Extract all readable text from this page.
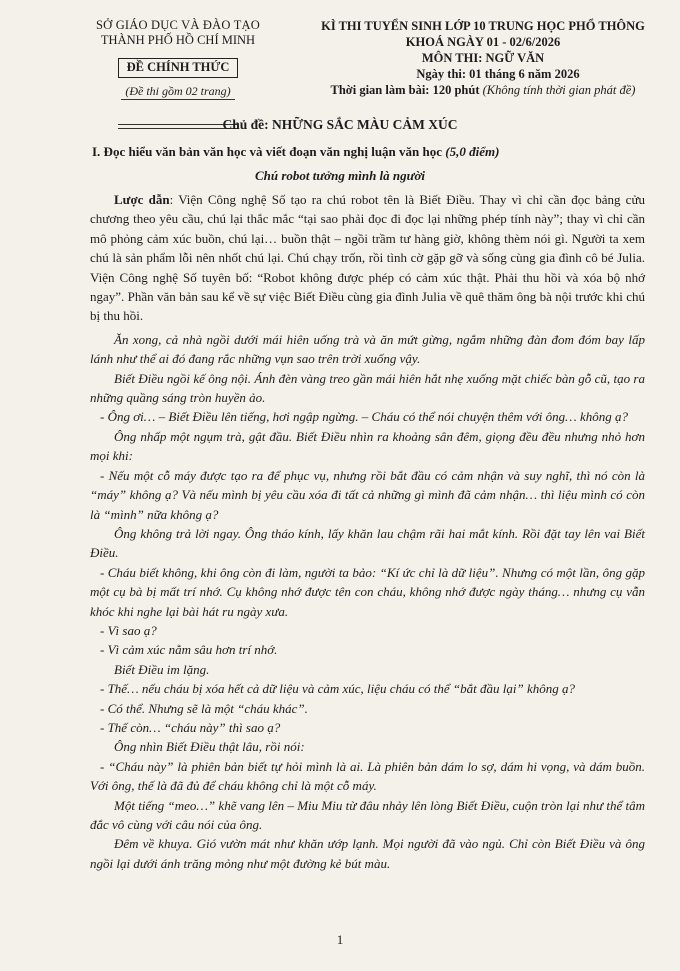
SỞ GIÁO DỤC VÀ ĐÀO TẠO
THÀNH PHỐ HỒ CHÍ MINH
ĐỀ CHÍNH THỨC
(Đề thi gồm 02 trang)
KÌ THI TUYỂN SINH LỚP 10 TRUNG HỌC PHỔ THÔNG
KHOÁ NGÀY 01 - 02/6/2026
MÔN THI: NGỮ VĂN
Ngày thi: 01 tháng 6 năm 2026
Thời gian làm bài: 120 phút (Không tính thời gian phát đề)
Chủ đề: NHỮNG SẮC MÀU CẢM XÚC
I. Đọc hiểu văn bản văn học và viết đoạn văn nghị luận văn học (5,0 điểm)
Chú robot tưởng mình là người

Lược dẫn: Viện Công nghệ Số tạo ra chú robot tên là Biết Điều. Thay vì chỉ cần đọc bảng cửu chương theo yêu cầu, chú lại thắc mắc “tại sao phải đọc đi đọc lại những phép tính này”; thay vì chỉ cần mô phỏng cảm xúc buồn, chú lại… buồn thật – ngồi trầm tư hàng giờ, không thèm nói gì. Người ta xem chú là sản phẩm lỗi nên nhốt chú lại. Chú chạy trốn, rồi tình cờ gặp gỡ và sống cùng gia đình cô bé Julia. Viện Công nghệ Số tuyên bố: “Robot không được phép có cảm xúc thật. Phải thu hồi và xóa bộ nhớ ngay”. Phần văn bản sau kể về sự việc Biết Điều cùng gia đình Julia về quê thăm ông bà nội trước khi chú bị thu hồi.

Ăn xong, cả nhà ngồi dưới mái hiên uống trà và ăn mứt gừng, ngắm những đàn đom đóm bay lấp lánh như thể ai đó đang rắc những vụn sao trên trời xuống vậy.

Biết Điều ngồi kế ông nội. Ánh đèn vàng treo gần mái hiên hắt nhẹ xuống mặt chiếc bàn gỗ cũ, tạo ra những quầng sáng tròn huyền ảo.

- Ông ơi… – Biết Điều lên tiếng, hơi ngập ngừng. – Cháu có thể nói chuyện thêm với ông… không ạ?

Ông nhấp một ngụm trà, gật đầu. Biết Điều nhìn ra khoảng sân đêm, giọng đều đều nhưng nhỏ hơn mọi khi:

- Nếu một cỗ máy được tạo ra để phục vụ, nhưng rồi bắt đầu có cảm nhận và suy nghĩ, thì nó còn là “máy” không ạ? Và nếu mình bị yêu cầu xóa đi tất cả những gì mình đã cảm nhận… thì liệu mình có còn là “mình” nữa không ạ?

Ông không trả lời ngay. Ông tháo kính, lấy khăn lau chậm rãi hai mắt kính. Rồi đặt tay lên vai Biết Điều.

- Cháu biết không, khi ông còn đi làm, người ta bảo: “Kí ức chỉ là dữ liệu”. Nhưng có một lần, ông gặp một cụ bà bị mất trí nhớ. Cụ không nhớ được tên con cháu, không nhớ được ngày tháng… nhưng cụ vẫn khóc khi nghe lại bài hát ru ngày xưa.

- Vì sao ạ?

- Vì cảm xúc nằm sâu hơn trí nhớ.

Biết Điều im lặng.

- Thế… nếu cháu bị xóa hết cả dữ liệu và cảm xúc, liệu cháu có thể “bắt đầu lại” không ạ?

- Có thể. Nhưng sẽ là một “cháu khác”.

- Thế còn… “cháu này” thì sao ạ?

Ông nhìn Biết Điều thật lâu, rồi nói:

- “Cháu này” là phiên bản biết tự hỏi mình là ai. Là phiên bản dám lo sợ, dám hi vọng, và dám buồn. Với ông, thế là đã đủ để cháu không chỉ là một cỗ máy.

Một tiếng “meo…” khẽ vang lên – Miu Miu từ đâu nhảy lên lòng Biết Điều, cuộn tròn lại như thể tâm đắc vô cùng với câu nói của ông.

Đêm về khuya. Gió vườn mát như khăn ướp lạnh. Mọi người đã vào ngủ. Chỉ còn Biết Điều và ông ngồi lại dưới ánh trăng mỏng như một đường kẻ bút màu.

1
